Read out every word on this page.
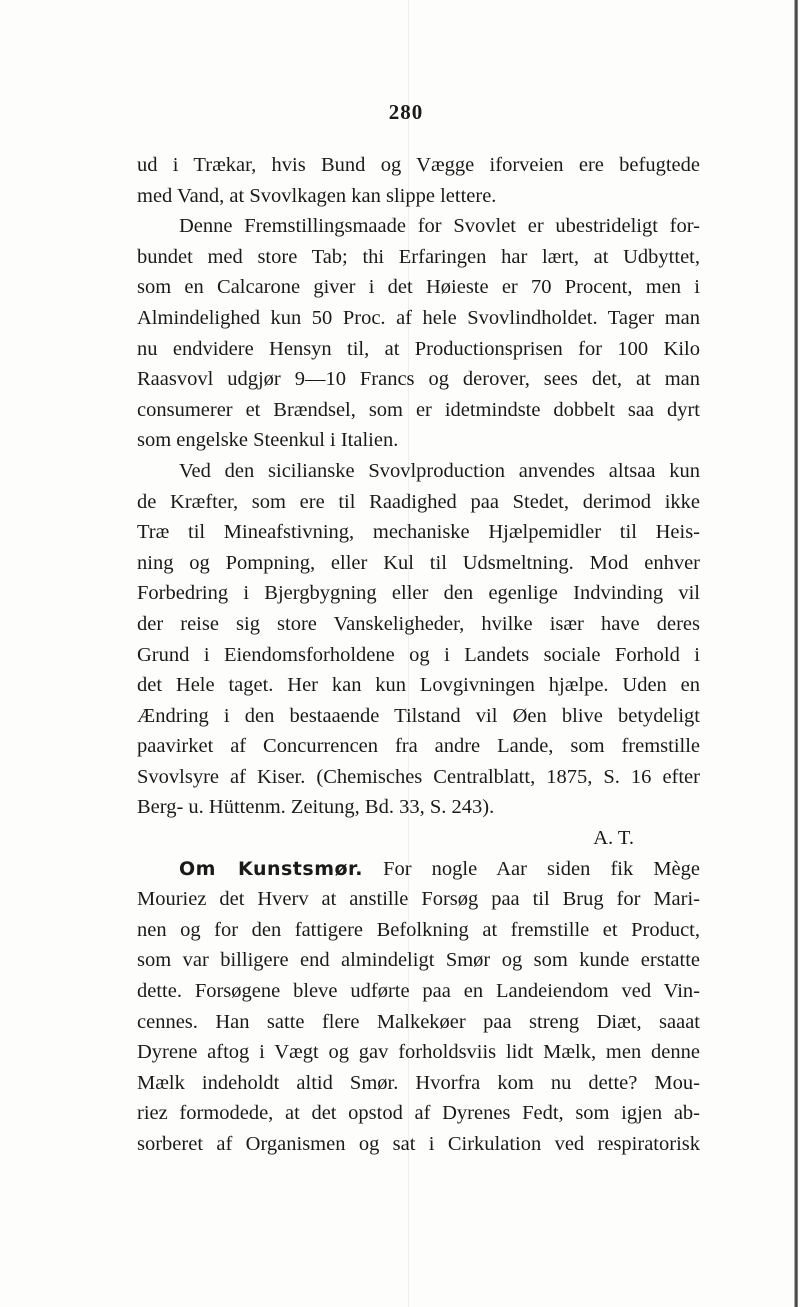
280
ud i Trækar, hvis Bund og Vægge iforveien ere befugtede
med Vand, at Svovlkagen kan slippe lettere.
Denne Fremstillingsmaade for Svovlet er ubestrideligt for-
bundet med store Tab; thi Erfaringen har lært, at Udbyttet,
som en Calcarone giver i det Høieste er 70 Procent, men i
Almindelighed kun 50 Proc. af hele Svovlindholdet. Tager man
nu endvidere Hensyn til, at Productionsprisen for 100 Kilo
Raasvovl udgjør 9—10 Francs og derover, sees det, at man
consumerer et Brændsel, som er idetmindste dobbelt saa dyrt
som engelske Steenkul i Italien.
Ved den sicilianske Svovlproduction anvendes altsaa kun
de Kræfter, som ere til Raadighed paa Stedet, derimod ikke
Træ til Mineafstivning, mechaniske Hjælpemidler til Heis-
ning og Pompning, eller Kul til Udsmeltning. Mod enhver
Forbedring i Bjergbygning eller den egenlige Indvinding vil
der reise sig store Vanskeligheder, hvilke især have deres
Grund i Eiendomsforholdene og i Landets sociale Forhold i
det Hele taget. Her kan kun Lovgivningen hjælpe. Uden en
Ændring i den bestaaende Tilstand vil Øen blive betydeligt
paavirket af Concurrencen fra andre Lande, som fremstille
Svovlsyre af Kiser. (Chemisches Centralblatt, 1875, S. 16 efter
Berg- u. Hüttenm. Zeitung, Bd. 33, S. 243).
A. T.
Om Kunstsmør. For nogle Aar siden fik Mège
Mouriez det Hverv at anstille Forsøg paa til Brug for Mari-
nen og for den fattigere Befolkning at fremstille et Product,
som var billigere end almindeligt Smør og som kunde erstatte
dette. Forsøgene bleve udførte paa en Landeiendom ved Vin-
cennes. Han satte flere Malkekøer paa streng Diæt, saaat
Dyrene aftog i Vægt og gav forholdsviis lidt Mælk, men denne
Mælk indeholdt altid Smør. Hvorfra kom nu dette? Mou-
riez formodede, at det opstod af Dyrenes Fedt, som igjen ab-
sorberet af Organismen og sat i Cirkulation ved respiratorisk
